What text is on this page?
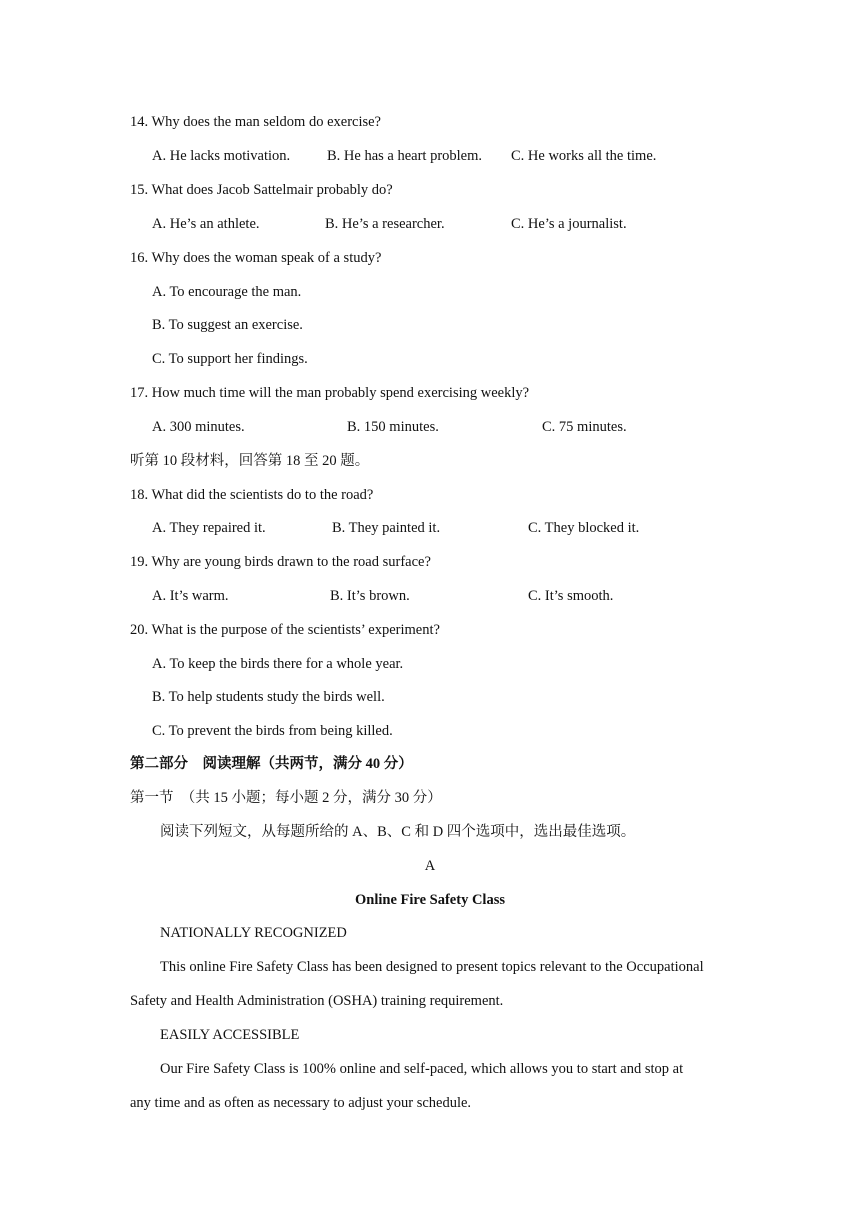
14. Why does the man seldom do exercise?
A. He lacks motivation.	B. He has a heart problem. C. He works all the time.
15. What does Jacob Sattelmair probably do?
A. He’s an athlete.	B. He’s a researcher.	C. He’s a journalist.
16. Why does the woman speak of a study?
A. To encourage the man.
B. To suggest an exercise.
C. To support her findings.
17. How much time will the man probably spend exercising weekly?
A. 300 minutes.	B. 150 minutes.	C. 75 minutes.
听第 10 段材料，回答第 18 至 20 题。
18. What did the scientists do to the road?
A. They repaired it.	B. They painted it.	C. They blocked it.
19. Why are young birds drawn to the road surface?
A. It’s warm.	B. It’s brown.	C. It’s smooth.
20. What is the purpose of the scientists’ experiment?
A. To keep the birds there for a whole year.
B. To help students study the birds well.
C. To prevent the birds from being killed.
第二部分　阅读理解（共两节，满分 40 分）
第一节　（共 15 小题；每小题 2 分，满分 30 分）
阅读下列短文，从每题所给的 A、B、C 和 D 四个选项中，选出最佳选项。
A
Online Fire Safety Class
NATIONALLY RECOGNIZED
This online Fire Safety Class has been designed to present topics relevant to the Occupational
Safety and Health Administration (OSHA) training requirement.
EASILY ACCESSIBLE
Our Fire Safety Class is 100% online and self-paced, which allows you to start and stop at
any time and as often as necessary to adjust your schedule.
